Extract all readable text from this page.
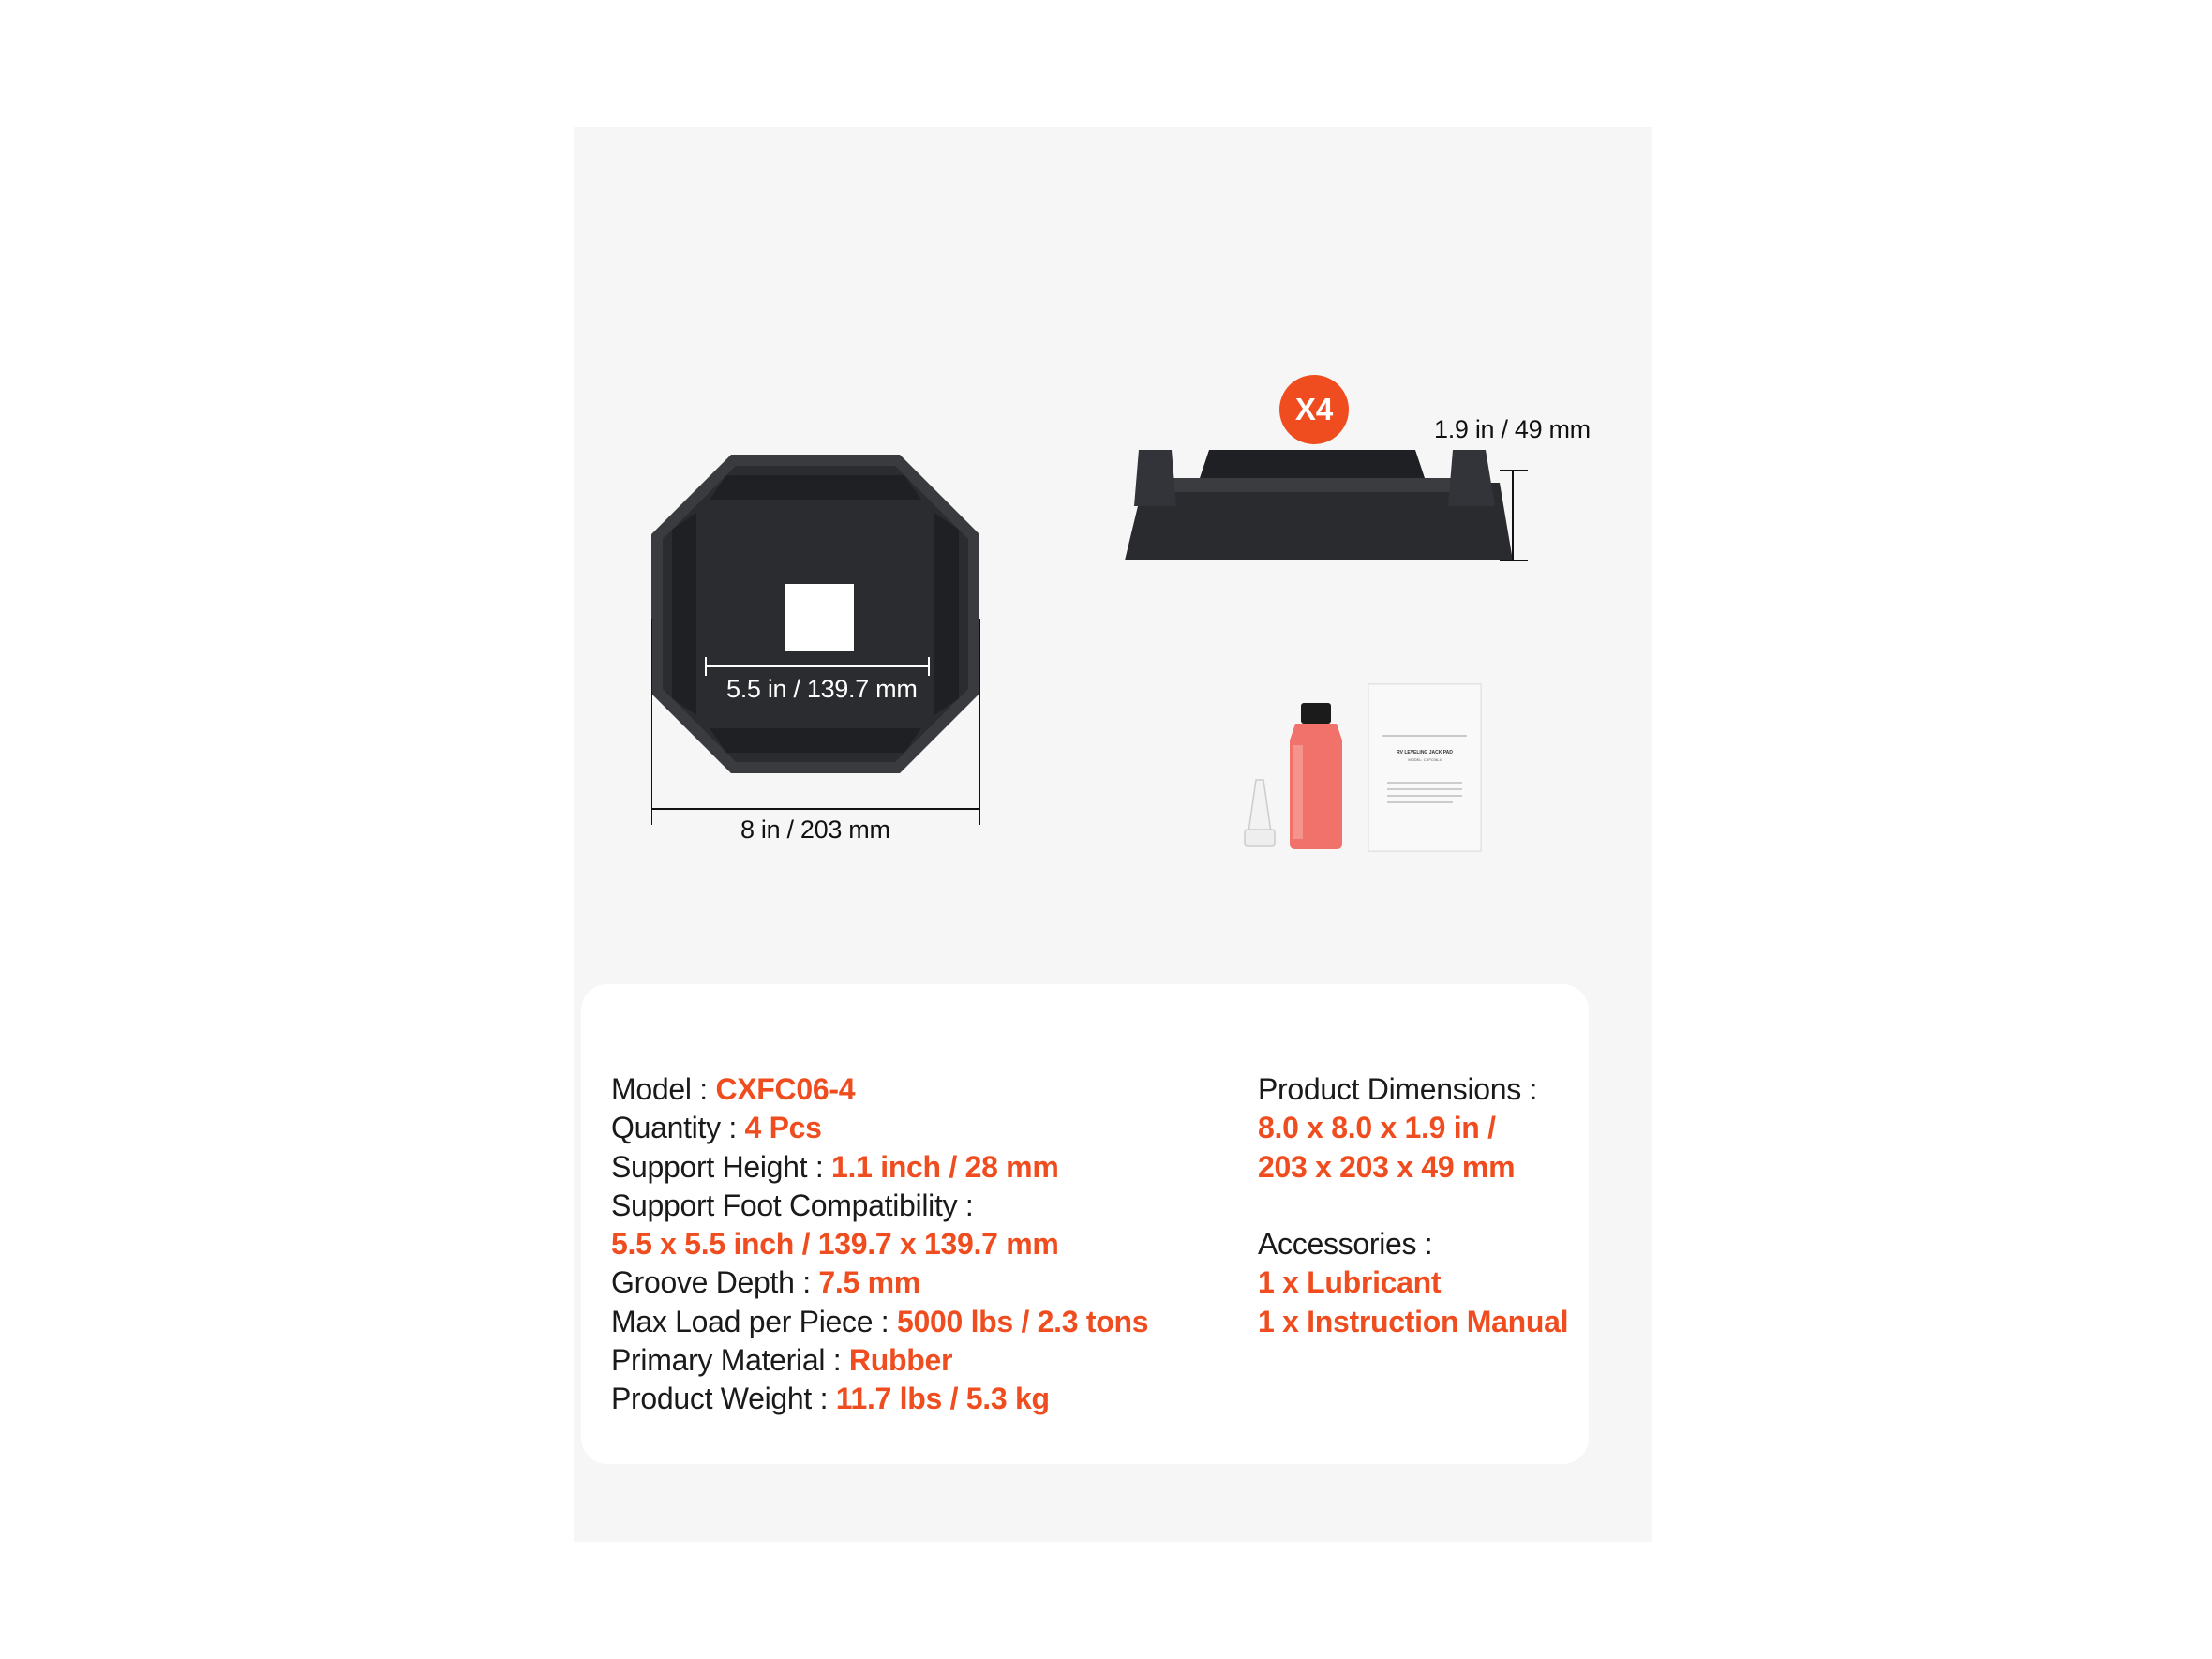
5.5 in / 139.7 mm
8 in / 203 mm
X4
1.9 in / 49 mm
RV LEVELING JACK PAD
MODEL: CXFC06-4
Model : CXFC06-4
Quantity : 4 Pcs
Support Height : 1.1 inch / 28 mm
Support Foot Compatibility :
5.5 x 5.5 inch / 139.7 x 139.7 mm
Groove Depth : 7.5 mm
Max Load per Piece : 5000 lbs / 2.3 tons
Primary Material : Rubber
Product Weight : 11.7 lbs / 5.3 kg
Product Dimensions :
8.0 x 8.0 x 1.9 in /
203 x 203 x 49 mm
Accessories :
1 x Lubricant
1 x Instruction Manual
